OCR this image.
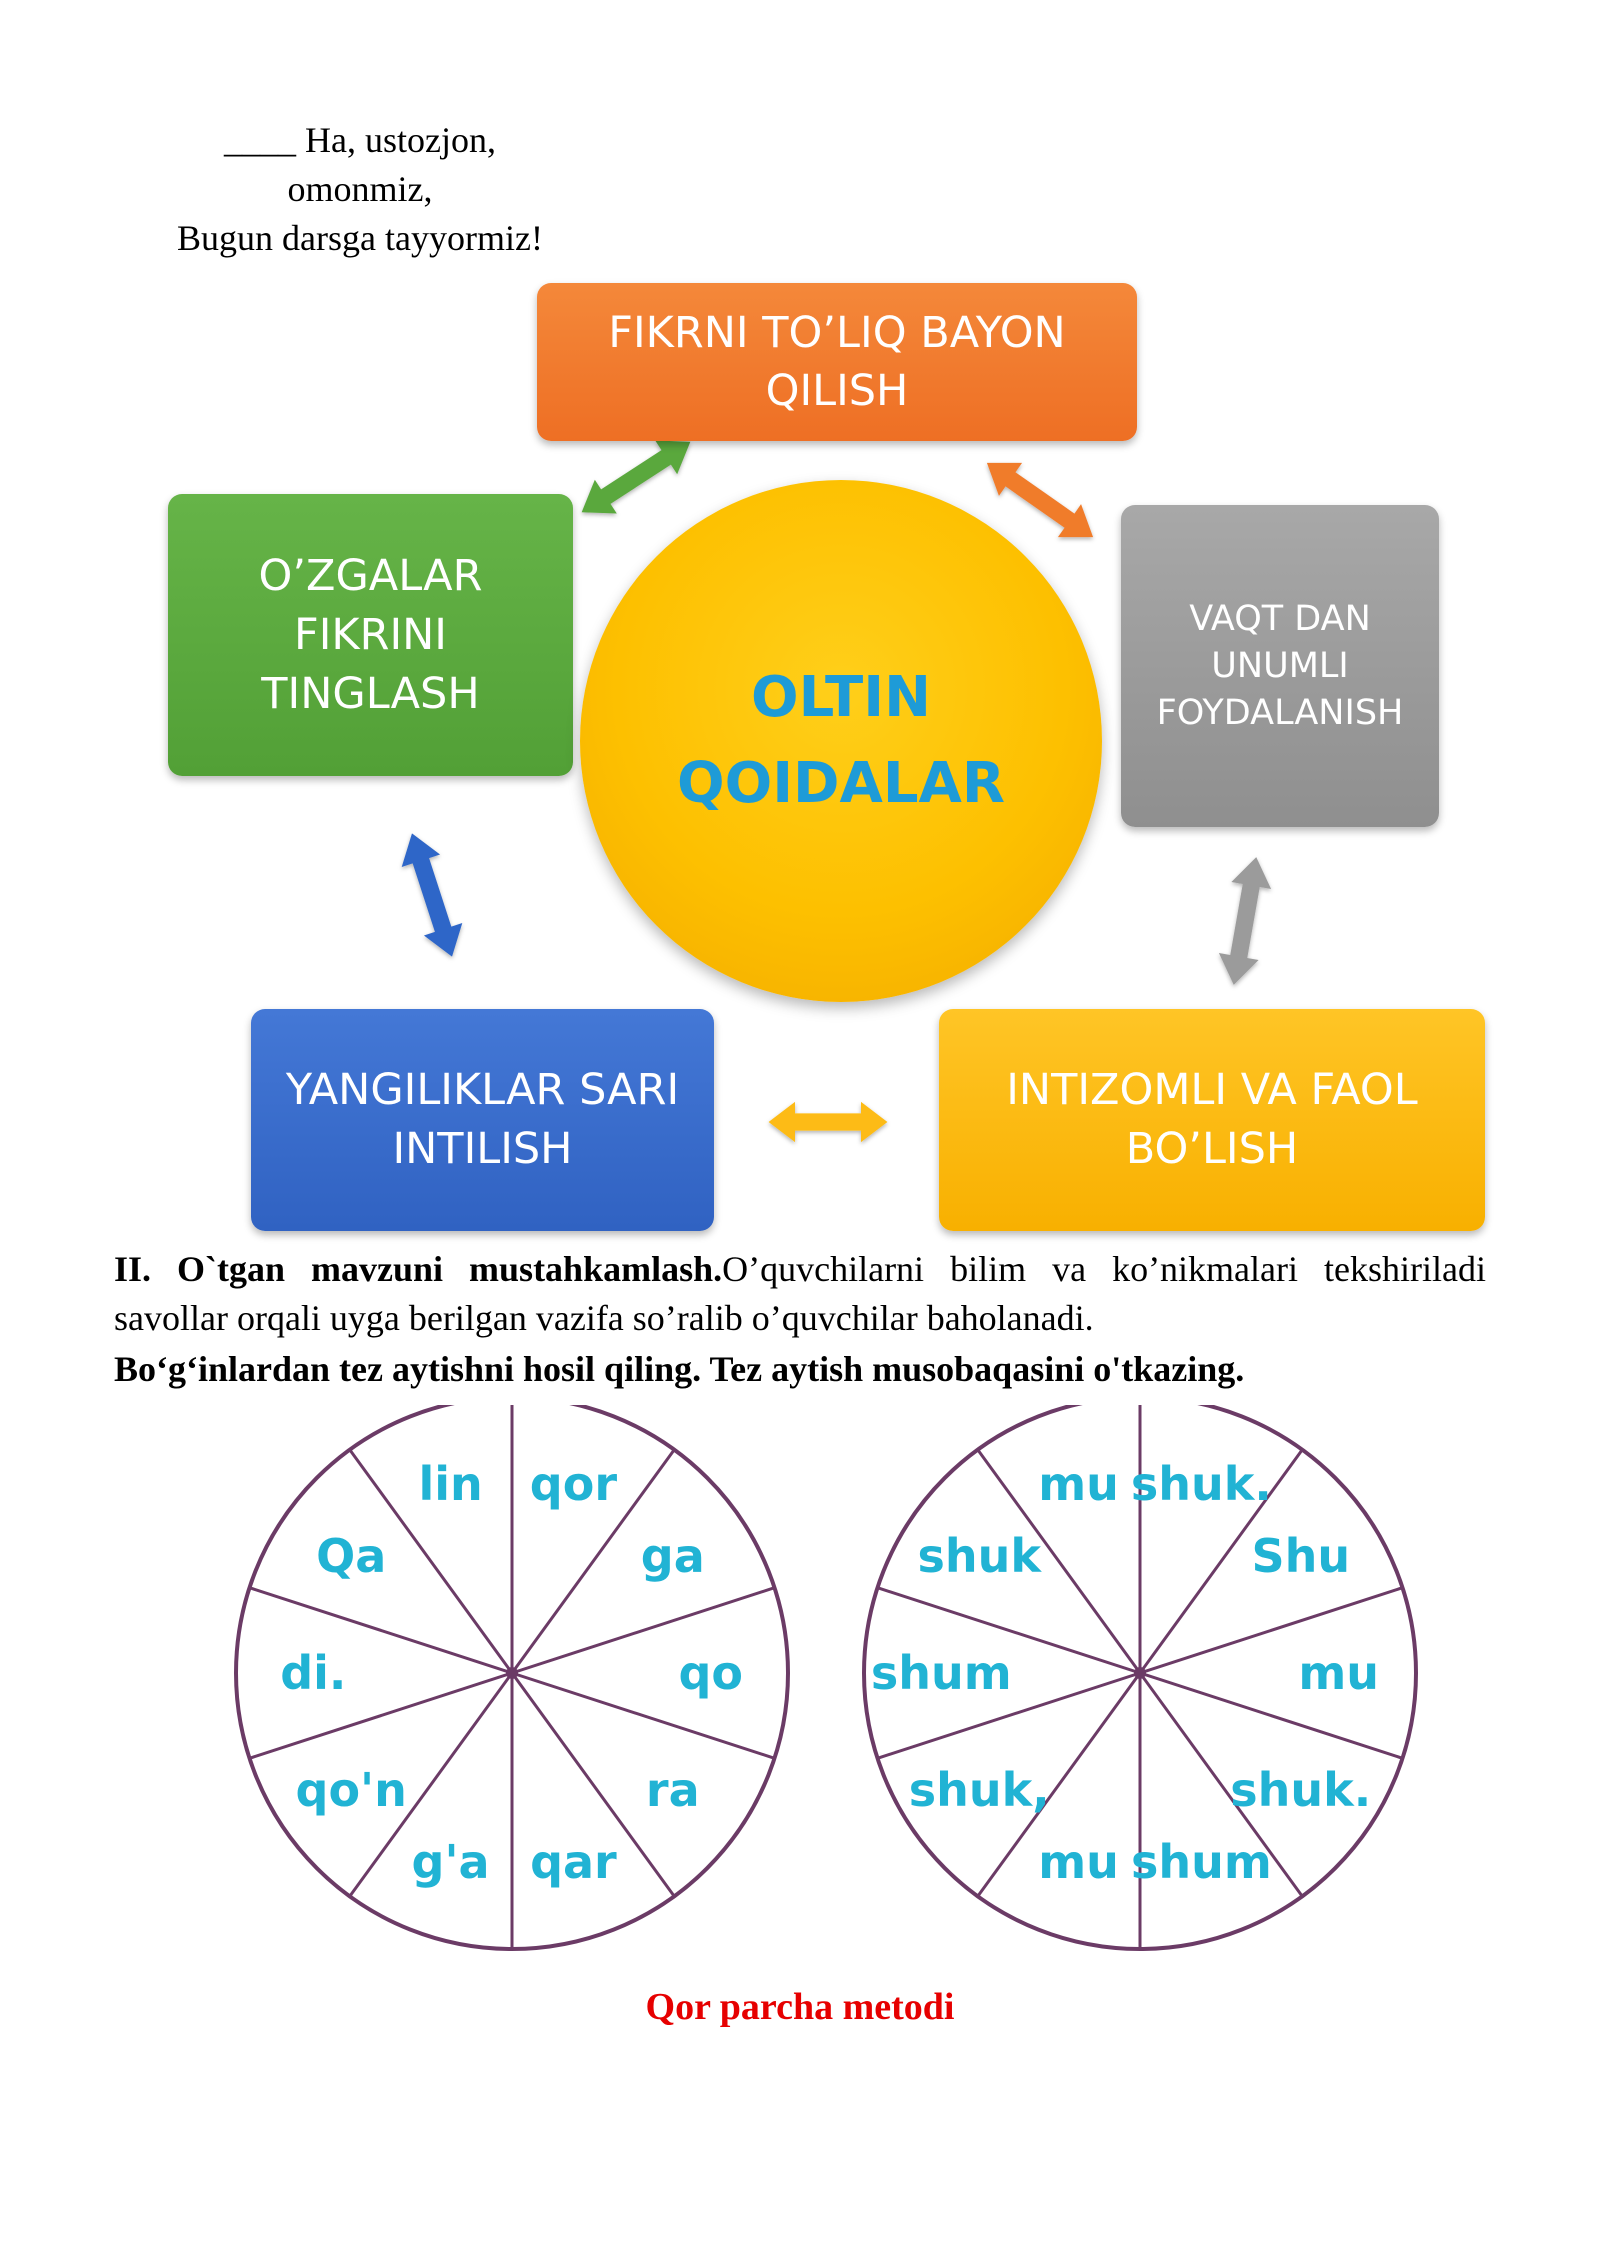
____ Ha, ustozjon,
omonmiz,
Bugun darsga tayyormiz!
FIKRNI TO’LIQ BAYON
QILISH
O’ZGALAR
FIKRINI
TINGLASH
VAQT DAN
UNUMLI
FOYDALANISH
YANGILIKLAR SARI
INTILISH
INTIZOMLI VA FAOL
BO’LISH
OLTIN
QOIDALAR
II. O`tgan mavzuni mustahkamlash.O’quvchilarni bilim va ko’nikmalari tekshiriladi savollar orqali uyga berilgan vazifa so’ralib o’quvchilar baholanadi.
Bo‘g‘inlardan tez aytishni hosil qiling. Tez aytish musobaqasini o'tkazing.
qor
ga
qo
ra
qar
g'a
qo'n
di.
Qa
lin	shuk.
Shu
mu
shuk.
shum
mu
shuk,
shum
shuk
mu
Qor parcha metodi
